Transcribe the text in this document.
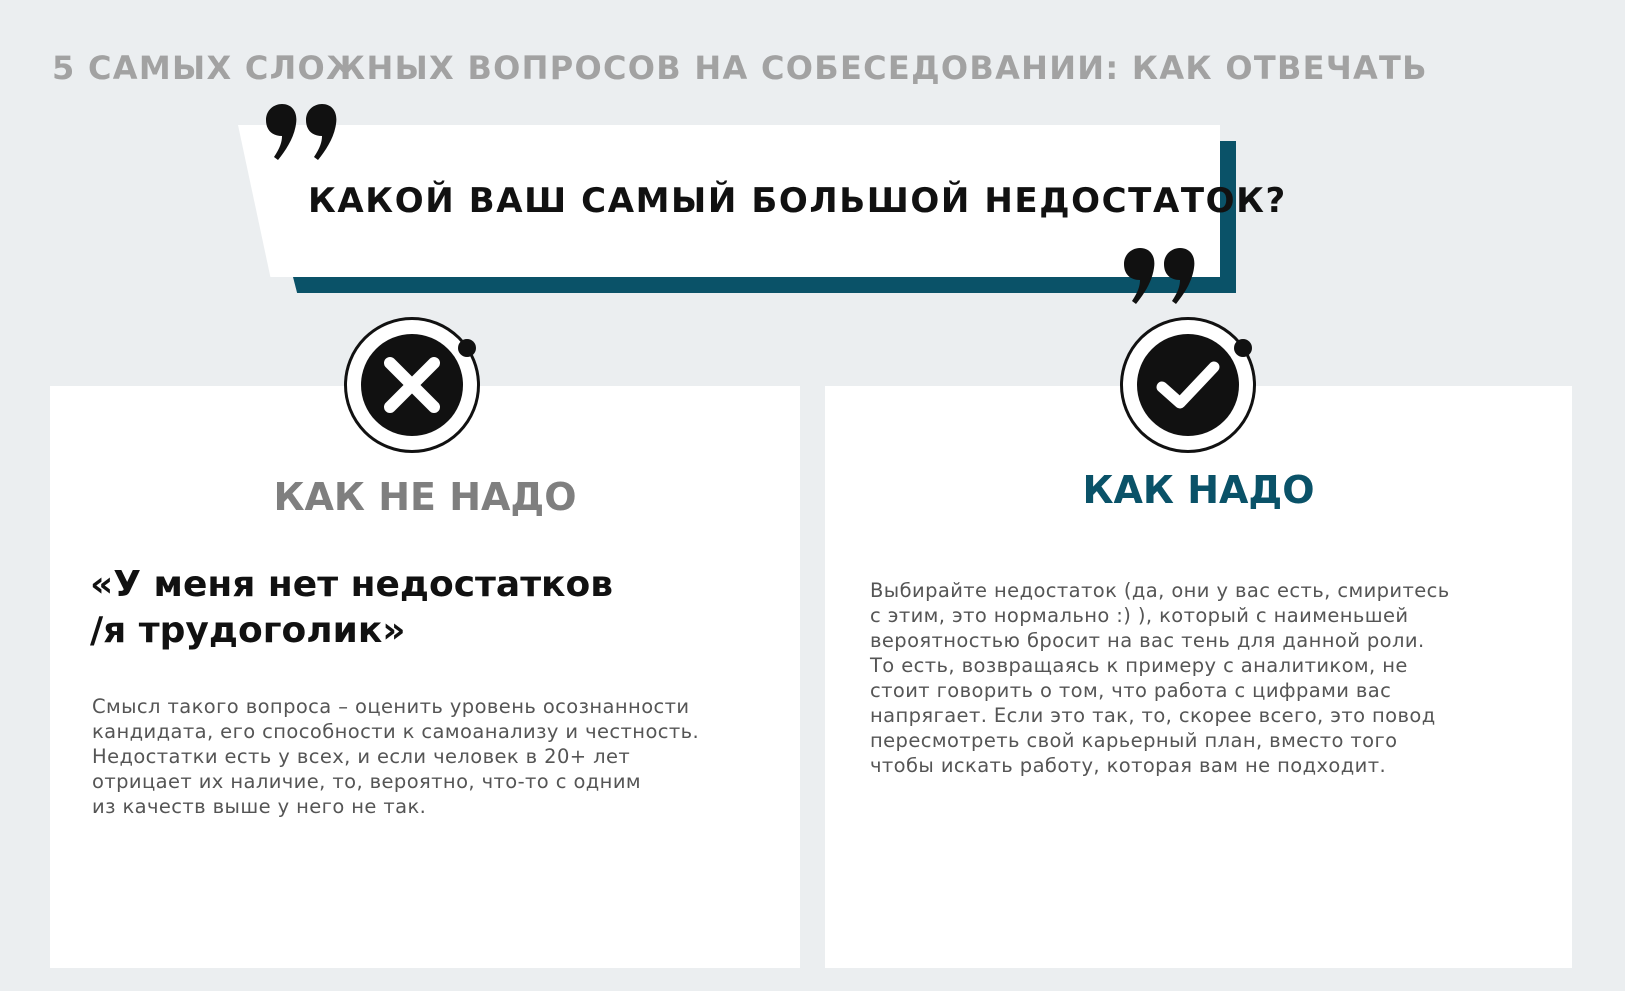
5 САМЫХ СЛОЖНЫХ ВОПРОСОВ НА СОБЕСЕДОВАНИИ: КАК ОТВЕЧАТЬ
КАКОЙ ВАШ САМЫЙ БОЛЬШОЙ НЕДОСТАТОК?
КАК НЕ НАДО	КАК НАДО
«У меня нет недостатков
/я трудоголик»
Смысл такого вопроса – оценить уровень осознанности
кандидата, его способности к самоанализу и честность.
Недостатки есть у всех, и если человек в 20+ лет
отрицает их наличие, то, вероятно, что-то с одним
из качеств выше у него не так.
Выбирайте недостаток (да, они у вас есть, смиритесь
с этим, это нормально :) ), который с наименьшей
вероятностью бросит на вас тень для данной роли.
То есть, возвращаясь к примеру с аналитиком, не
стоит говорить о том, что работа с цифрами вас
напрягает. Если это так, то, скорее всего, это повод
пересмотреть свой карьерный план, вместо того
чтобы искать работу, которая вам не подходит.
